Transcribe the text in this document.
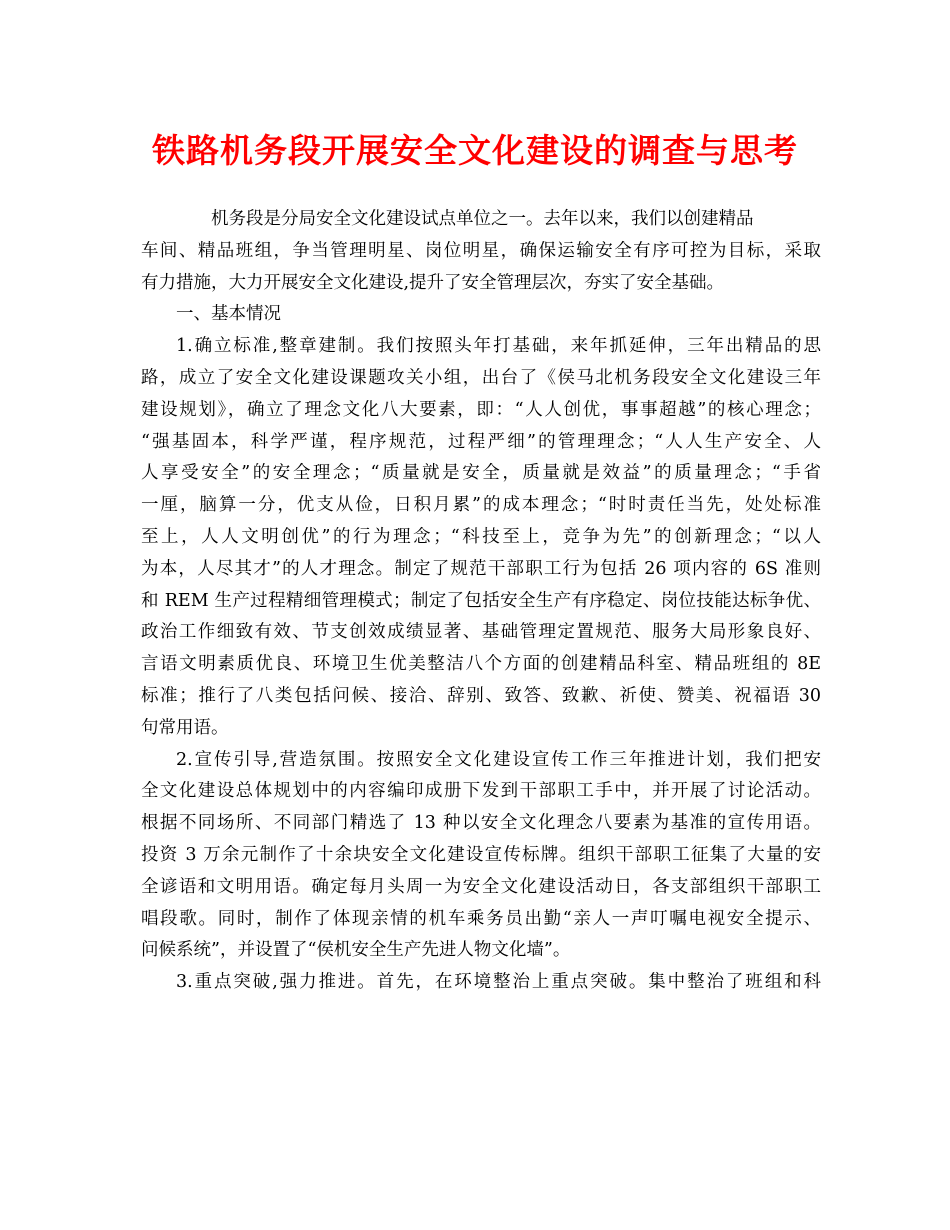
铁路机务段开展安全文化建设的调查与思考
机务段是分局安全文化建设试点单位之一。去年以来，我们以创建精品
车间、精品班组，争当管理明星、岗位明星，确保运输安全有序可控为目标，采取
有力措施，大力开展安全文化建设,提升了安全管理层次，夯实了安全基础。
一、基本情况
1.确立标准,整章建制。我们按照头年打基础，来年抓延伸，三年出精品的思
路，成立了安全文化建设课题攻关小组，出台了《侯马北机务段安全文化建设三年
建设规划》，确立了理念文化八大要素，即：“人人创优，事事超越”的核心理念；
“强基固本，科学严谨，程序规范，过程严细”的管理理念；“人人生产安全、人
人享受安全”的安全理念；“质量就是安全，质量就是效益”的质量理念；“手省
一厘，脑算一分，优支从俭，日积月累”的成本理念；“时时责任当先，处处标准
至上，人人文明创优”的行为理念；“科技至上，竞争为先”的创新理念；“以人
为本，人尽其才”的人才理念。制定了规范干部职工行为包括 26 项内容的 6S 准则
和 REM 生产过程精细管理模式；制定了包括安全生产有序稳定、岗位技能达标争优、
政治工作细致有效、节支创效成绩显著、基础管理定置规范、服务大局形象良好、
言语文明素质优良、环境卫生优美整洁八个方面的创建精品科室、精品班组的 8E
标准；推行了八类包括问候、接洽、辞别、致答、致歉、祈使、赞美、祝福语 30
句常用语。
2.宣传引导,营造氛围。按照安全文化建设宣传工作三年推进计划，我们把安
全文化建设总体规划中的内容编印成册下发到干部职工手中，并开展了讨论活动。
根据不同场所、不同部门精选了 13 种以安全文化理念八要素为基准的宣传用语。
投资 3 万余元制作了十余块安全文化建设宣传标牌。组织干部职工征集了大量的安
全谚语和文明用语。确定每月头周一为安全文化建设活动日，各支部组织干部职工
唱段歌。同时，制作了体现亲情的机车乘务员出勤“亲人一声叮嘱电视安全提示、
问候系统”，并设置了“侯机安全生产先进人物文化墙”。
3.重点突破,强力推进。首先，在环境整治上重点突破。集中整治了班组和科
